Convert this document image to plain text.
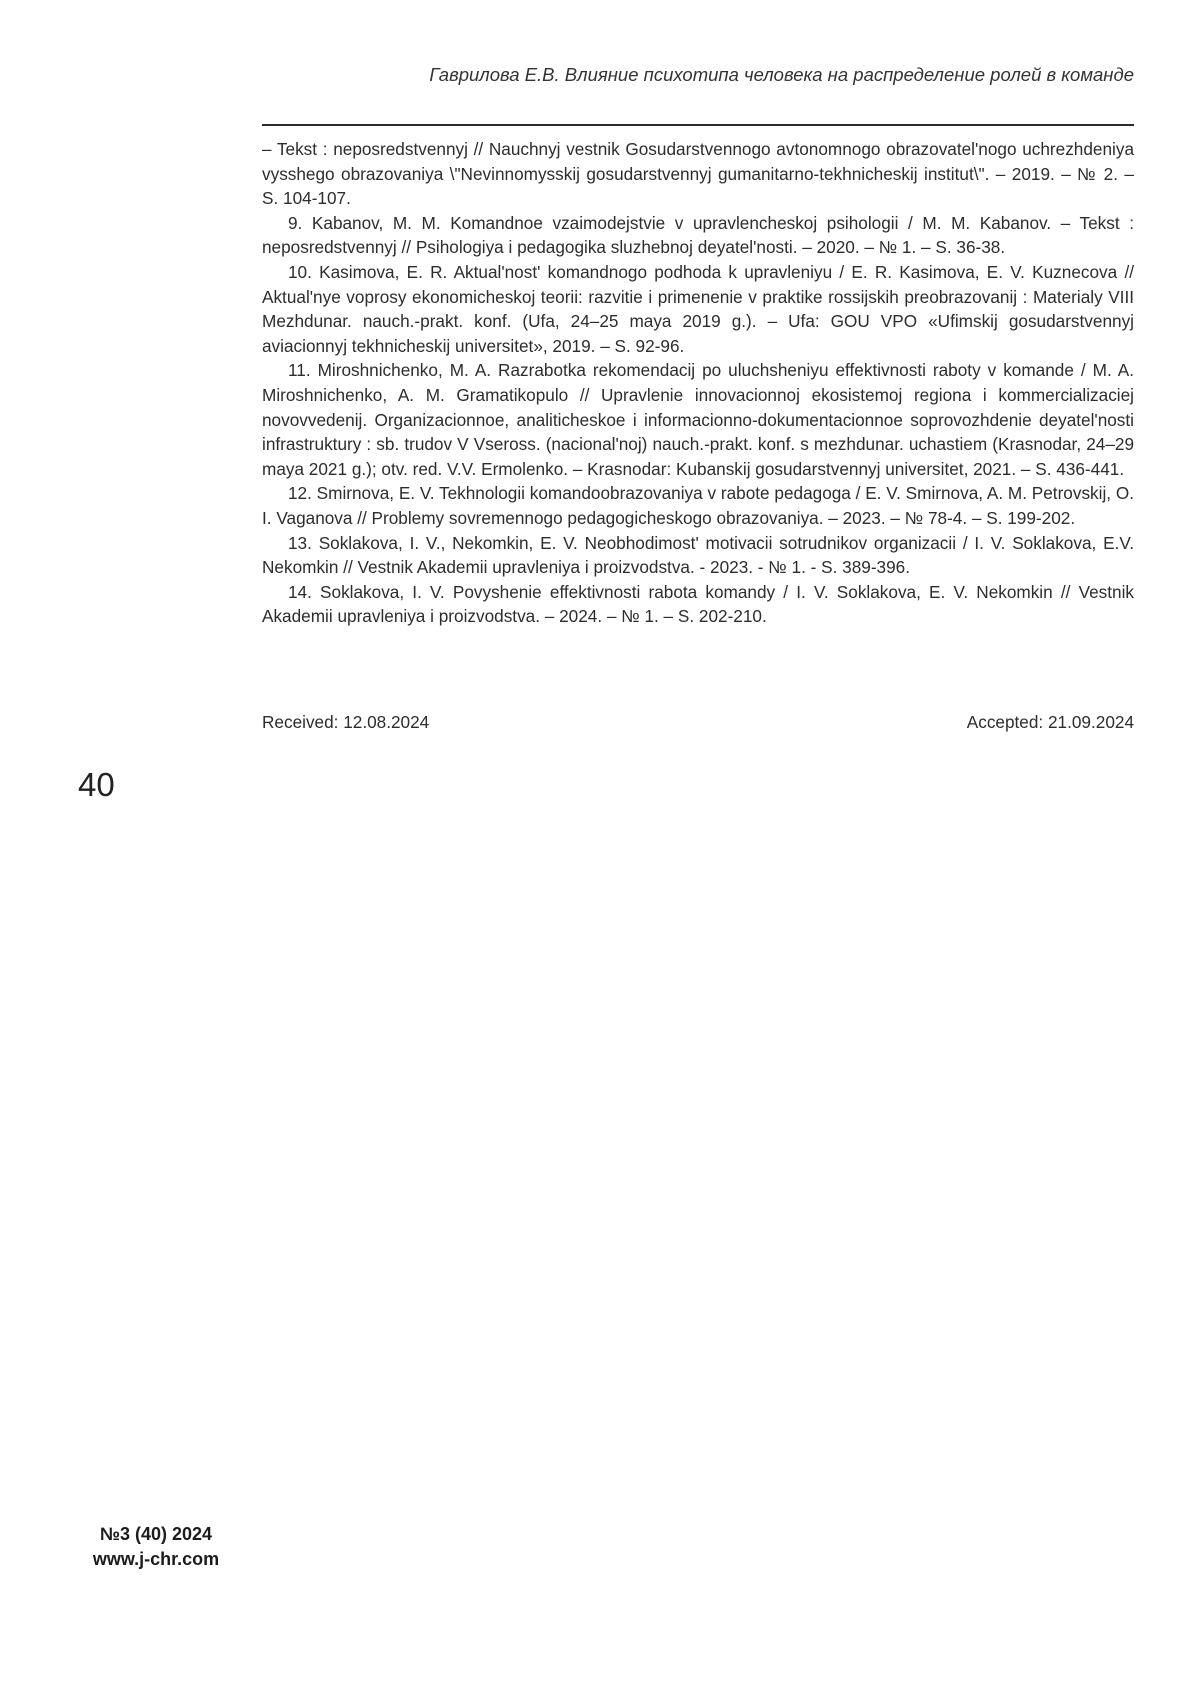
Гаврилова Е.В. Влияние психотипа человека на распределение ролей в команде

– Tekst : neposredstvennyj // Nauchnyj vestnik Gosudarstvennogo avtonomnogo obrazovatel'nogo uchrezhdeniya vysshego obrazovaniya \"Nevinnomysskij gosudarstvennyj gumanitarno-tekhnicheskij institut\". – 2019. – № 2. – S. 104-107.

9. Kabanov, M. M. Komandnoe vzaimodejstvie v upravlencheskoj psihologii / M. M. Kabanov. – Tekst : neposredstvennyj // Psihologiya i pedagogika sluzhebnoj deyatel'nosti. – 2020. – № 1. – S. 36-38.

10. Kasimova, E. R. Aktual'nost' komandnogo podhoda k upravleniyu / E. R. Kasimova, E. V. Kuznecova // Aktual'nye voprosy ekonomicheskoj teorii: razvitie i primenenie v praktike rossijskih preobrazovanij : Materialy VIII Mezhdunar. nauch.-prakt. konf. (Ufa, 24–25 maya 2019 g.). – Ufa: GOU VPO «Ufimskij gosudarstvennyj aviacionnyj tekhnicheskij universitet», 2019. – S. 92-96.

11. Miroshnichenko, M. A. Razrabotka rekomendacij po uluchsheniyu effektivnosti raboty v komande / M. A. Miroshnichenko, A. M. Gramatikopulo // Upravlenie innovacionnoj ekosistemoj regiona i kommercializaciej novovvedenij. Organizacionnoe, analiticheskoe i informacionno-dokumentacionnoe soprovozhdenie deyatel'nosti infrastruktury : sb. trudov V Vseross. (nacional'noj) nauch.-prakt. konf. s mezhdunar. uchastiem (Krasnodar, 24–29 maya 2021 g.); otv. red. V.V. Ermolenko. – Krasnodar: Kubanskij gosudarstvennyj universitet, 2021. – S. 436-441.

12. Smirnova, E. V. Tekhnologii komandoobrazovaniya v rabote pedagoga / E. V. Smirnova, A. M. Petrovskij, O. I. Vaganova // Problemy sovremennogo pedagogicheskogo obrazovaniya. – 2023. – № 78-4. – S. 199-202.

13. Soklakova, I. V., Nekomkin, E. V. Neobhodimost' motivacii sotrudnikov organizacii / I. V. Soklakova, E.V. Nekomkin // Vestnik Akademii upravleniya i proizvodstva. - 2023. - № 1. - S. 389-396.

14. Soklakova, I. V. Povyshenie effektivnosti rabota komandy / I. V. Soklakova, E. V. Nekomkin // Vestnik Akademii upravleniya i proizvodstva. – 2024. – № 1. – S. 202-210.

Received: 12.08.2024	Accepted: 21.09.2024
40
№3 (40) 2024
www.j-chr.com
